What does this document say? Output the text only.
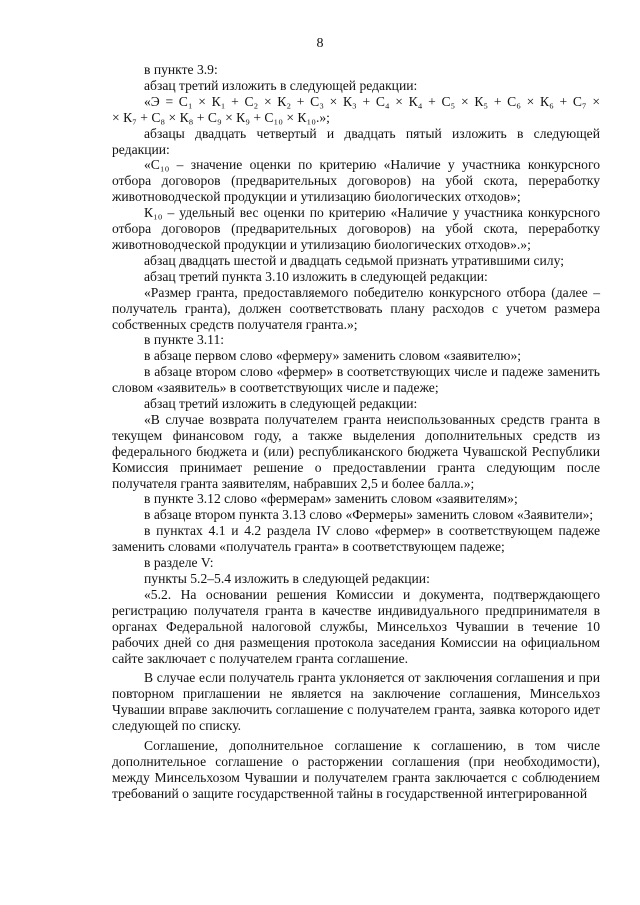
8

в пункте 3.9:

абзац третий изложить в следующей редакции:

«Э = С₁ × К₁ + С₂ × К₂ + С₃ × К₃ + С₄ × К₄ + С₅ × К₅ + С₆ × К₆ + С₇ ×

× К₇ + С₈ × К₈ + С₉ × К₉ + С₁₀ × К₁₀.»;

абзацы двадцать четвертый и двадцать пятый изложить в следующей редакции:

«С₁₀ – значение оценки по критерию «Наличие у участника конкурсного отбора договоров (предварительных договоров) на убой скота, переработку животноводческой продукции и утилизацию биологических отходов»;

К₁₀ – удельный вес оценки по критерию «Наличие у участника конкурсного отбора договоров (предварительных договоров) на убой скота, переработку животноводческой продукции и утилизацию биологических отходов».»;

абзац двадцать шестой и двадцать седьмой признать утратившими силу;

абзац третий пункта 3.10 изложить в следующей редакции:

«Размер гранта, предоставляемого победителю конкурсного отбора (далее – получатель гранта), должен соответствовать плану расходов с учетом размера собственных средств получателя гранта.»;

в пункте 3.11:

в абзаце первом слово «фермеру» заменить словом «заявителю»;

в абзаце втором слово «фермер» в соответствующих числе и падеже заменить словом «заявитель» в соответствующих числе и падеже;

абзац третий изложить в следующей редакции:

«В случае возврата получателем гранта неиспользованных средств гранта в текущем финансовом году, а также выделения дополнительных средств из федерального бюджета и (или) республиканского бюджета Чувашской Республики Комиссия принимает решение о предоставлении гранта следующим после получателя гранта заявителям, набравших 2,5 и более балла.»;

в пункте 3.12 слово «фермерам» заменить словом «заявителям»;

в абзаце втором пункта 3.13 слово «Фермеры» заменить словом «Заявители»;

в пунктах 4.1 и 4.2 раздела IV слово «фермер» в соответствующем падеже заменить словами «получатель гранта» в соответствующем падеже;

в разделе V:

пункты 5.2–5.4 изложить в следующей редакции:

«5.2. На основании решения Комиссии и документа, подтверждающего регистрацию получателя гранта в качестве индивидуального предпринимателя в органах Федеральной налоговой службы, Минсельхоз Чувашии в течение 10 рабочих дней со дня размещения протокола заседания Комиссии на официальном сайте заключает с получателем гранта соглашение.

В случае если получатель гранта уклоняется от заключения соглашения и при повторном приглашении не является на заключение соглашения, Минсельхоз Чувашии вправе заключить соглашение с получателем гранта, заявка которого идет следующей по списку.

Соглашение, дополнительное соглашение к соглашению, в том числе дополнительное соглашение о расторжении соглашения (при необходимости), между Минсельхозом Чувашии и получателем гранта заключается с соблюдением требований о защите государственной тайны в государственной интегрированной
